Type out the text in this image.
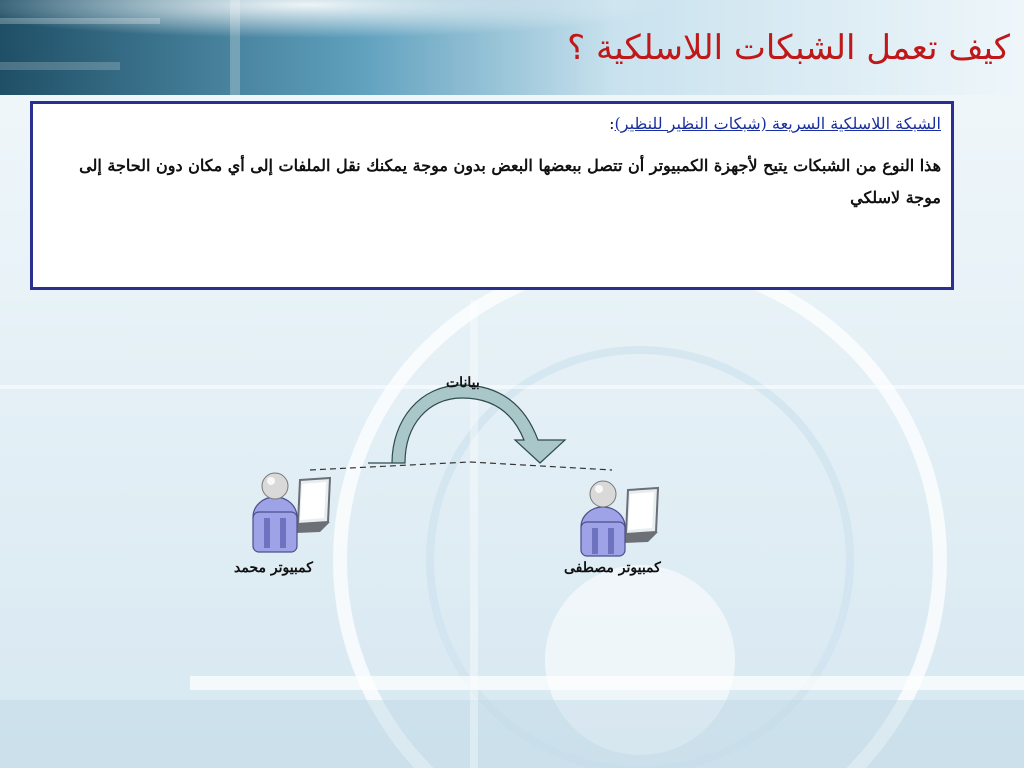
كيف تعمل الشبكات اللاسلكية ؟
الشبكة اللاسلكية السريعة (شبكات النظير للنظير):
هذا النوع من الشبكات يتيح لأجهزة الكمبيوتر أن تتصل ببعضها البعض بدون موجة يمكنك نقل الملفات إلى أي مكان دون الحاجة إلى موجة لاسلكي
بيانات
كمبيوتر محمد	كمبيوتر مصطفى
